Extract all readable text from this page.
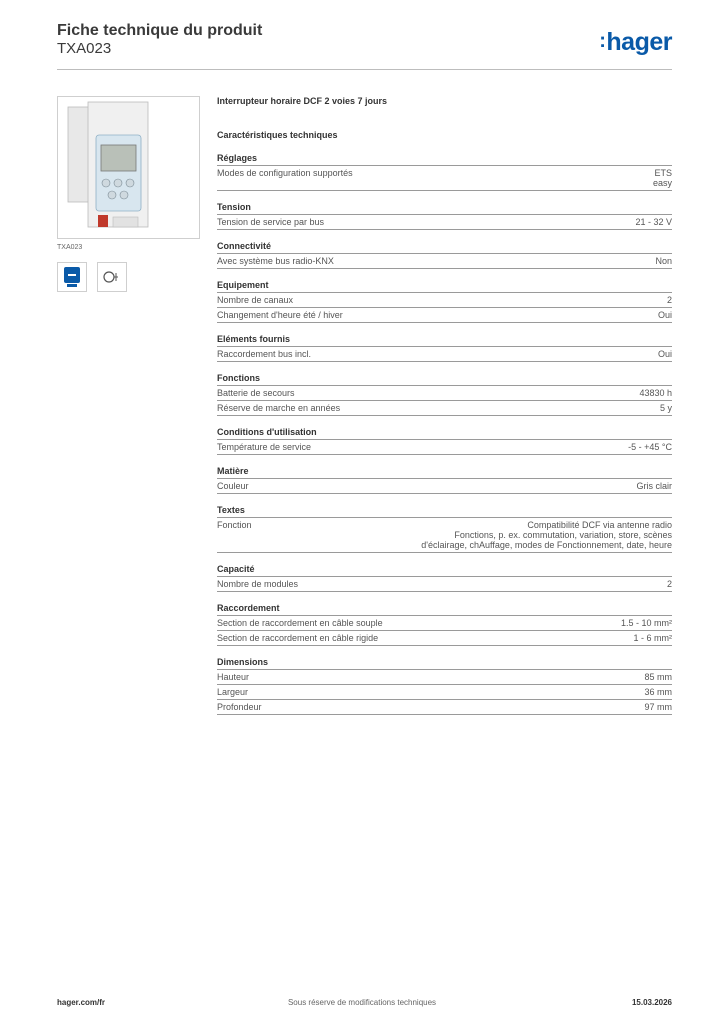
Fiche technique du produit
TXA023	:hager
TXA023
Interrupteur horaire DCF 2 voies 7 jours
Caractéristiques techniques
Réglages
Modes de configuration supportés	ETS
easy
Tension
Tension de service par bus	21 - 32 V
Connectivité
Avec système bus radio-KNX	Non
Equipement
Nombre de canaux	2
Changement d'heure été / hiver	Oui
Eléments fournis
Raccordement bus incl.	Oui
Fonctions
Batterie de secours	43830 h
Réserve de marche en années	5 y
Conditions d'utilisation
Température de service	-5 - +45 °C
Matière
Couleur	Gris clair
Textes
Fonction	Compatibilité DCF via antenne radio
Fonctions, p. ex. commutation, variation, store, scènes
d'éclairage, chAuffage, modes de Fonctionnement, date, heure
Capacité
Nombre de modules	2
Raccordement
Section de raccordement en câble souple	1.5 - 10 mm²
Section de raccordement en câble rigide	1 - 6 mm²
Dimensions
Hauteur	85 mm
Largeur	36 mm
Profondeur	97 mm
hager.com/fr	Sous réserve de modifications techniques	15.03.2026
